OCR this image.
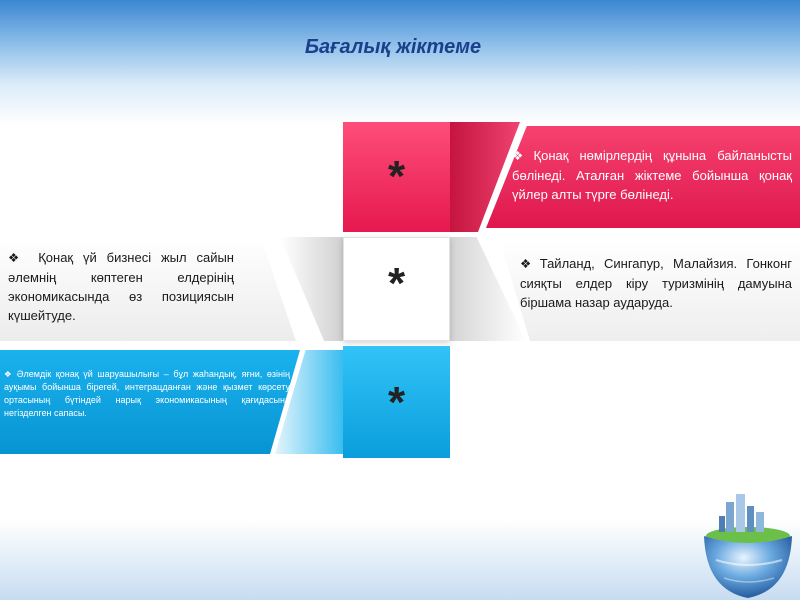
Бағалық жіктеме
*	❖ Қонақ нөмірлердің құнына байланысты бөлінеді. Аталған жіктеме бойынша қонақ үйлер алты түрге бөлінеді.
*	❖ Тайланд, Сингапур, Малайзия. Гонконг сияқты елдер кіру туризмінің дамуына біршама назар аударуда.
❖ Қонақ үй бизнесі жыл сайын әлемнің көптеген елдерінің экономикасында өз позициясын күшейтуде.
*
❖ Әлемдік қонақ үй шаруашылығы – бұл жаһандық, яғни, өзінің ауқымы бойынша бірегей, интеграцданған және қызмет көрсету ортасының бүтіндей нарық экономикасының қағидасына негізделген сапасы.
